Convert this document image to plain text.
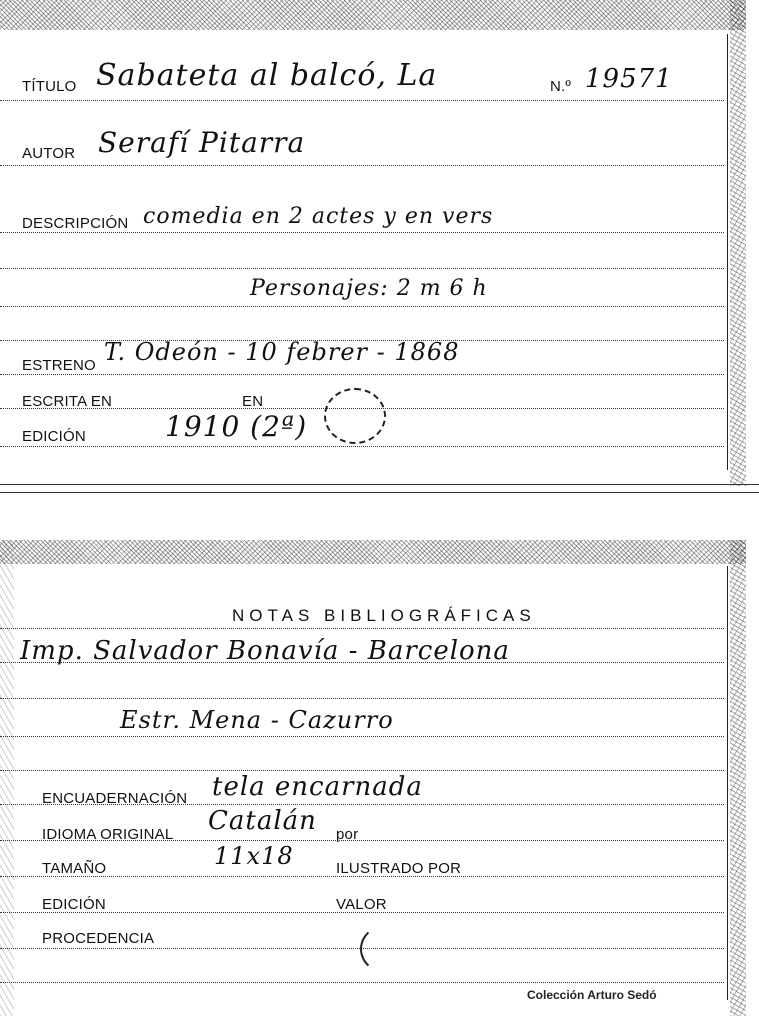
TÍTULO Sabateta al balcó, La	N.º 19571
AUTOR Serafí Pitarra
DESCRIPCIÓN comedia en 2 actes y en vers
Personajes: 2 m 6 h
ESTRENO T. Odeón - 10 febrer - 1868
ESCRITA EN	EN
EDICIÓN	1910 (2ª)
NOTAS BIBLIOGRÁFICAS
Imp. Salvador Bonavía - Barcelona
Estr. Mena - Cazurro
ENCUADERNACIÓN tela encarnada
IDIOMA ORIGINAL Catalán por
TAMAÑO	11x18	ILUSTRADO POR
EDICIÓN	VALOR
PROCEDENCIA
Colección Arturo Sedó
